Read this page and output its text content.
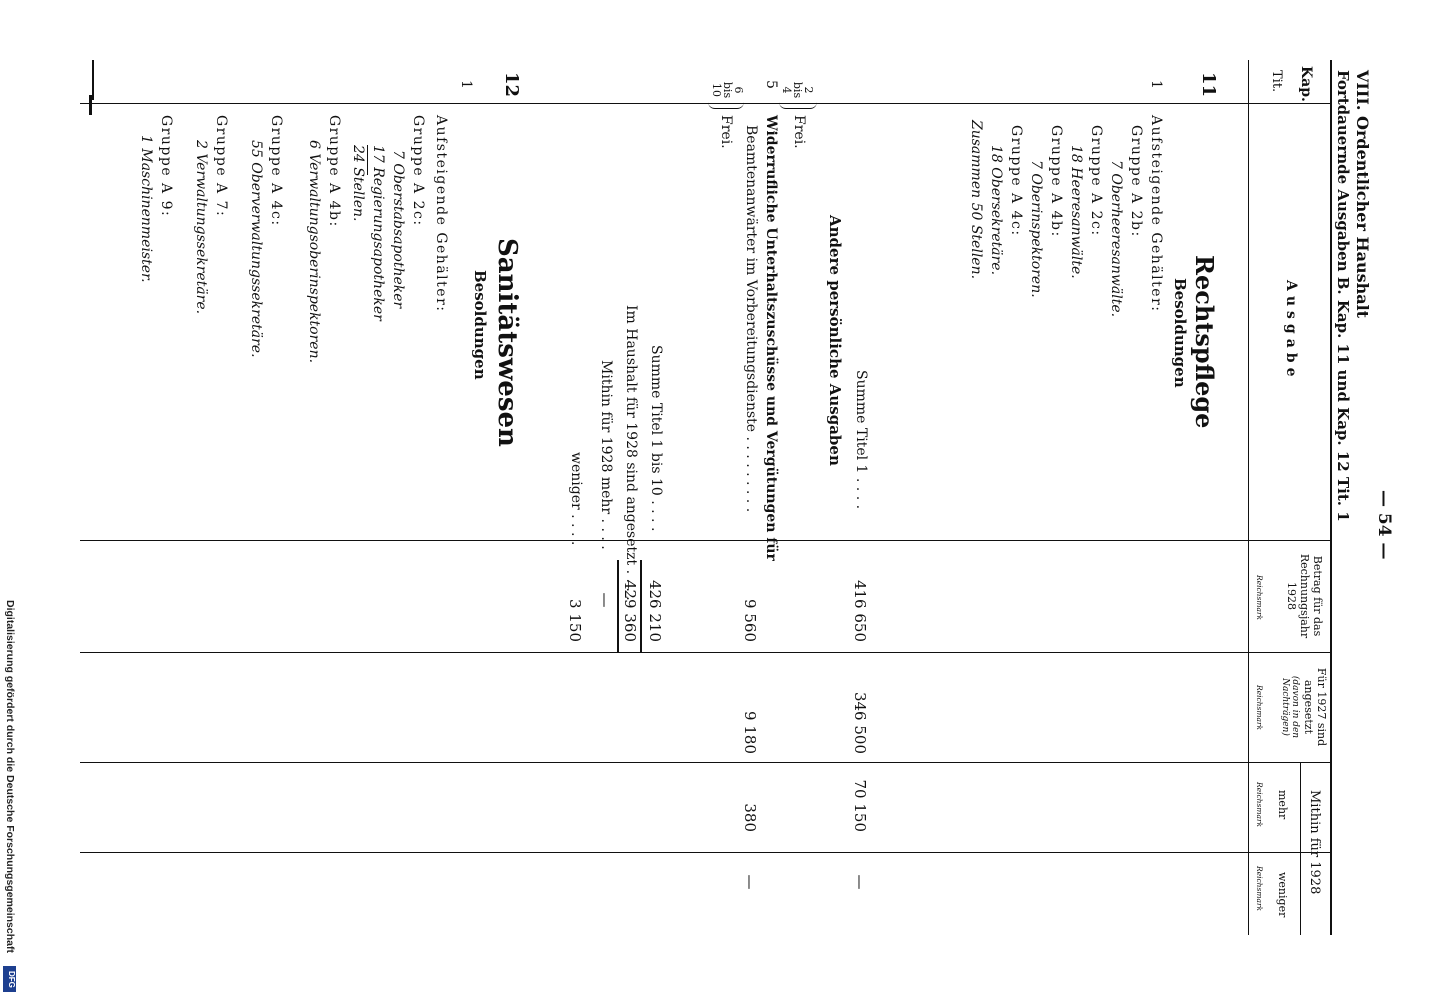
— 54 —
VIII. Ordentlicher Haushalt
Fortdauernde Ausgaben B. Kap. 11 und Kap. 12 Tit. 1
Kap.
Tit.
Ausgabe
Betrag für das Rechnungsjahr 1928
Reichsmark
Für 1927 sind angesetzt
(davon in den Nachträgen)
Reichsmark
Mithin für 1928
mehr
Reichsmark
weniger
Reichsmark
11
Rechtspflege
Besoldungen
1
Aufsteigende Gehälter:
Gruppe A 2b:
7 Oberheeresanwälte.
Gruppe A 2c:
18 Heeresanwälte.
Gruppe A 4b:
7 Oberinspektoren.
Gruppe A 4c:
18 Obersekretäre.
Zusammen 50 Stellen.
Summe Titel 1 . . . .
416 650
346 500
70 150
—
Andere persönliche Ausgaben
2 bis 4
Frei.
5
Widerrufliche Unterhaltszuschüsse und Vergütungen für
Beamtenanwärter im Vorbereitungsdienste . . . . . . . . .
9 560
9 180
380
—
6 bis 10
Frei.
Summe Titel 1 bis 10 . . . .
426 210
Im Haushalt für 1928 sind angesetzt . . . .
429 360
Mithin für 1928 mehr . . . .
—
weniger . . . .
3 150
12
Sanitätswesen
Besoldungen
1
Aufsteigende Gehälter:
Gruppe A 2c:
7 Oberstabsapotheker
17 Regierungsapotheker
24 Stellen.
Gruppe A 4b:
6 Verwaltungsoberinspektoren.
Gruppe A 4c:
55 Oberverwaltungssekretäre.
Gruppe A 7:
2 Verwaltungssekretäre.
Gruppe A 9:
1 Maschinenmeister.
Digitalisierung gefördert durch die Deutsche Forschungsgemeinschaft
DFG
